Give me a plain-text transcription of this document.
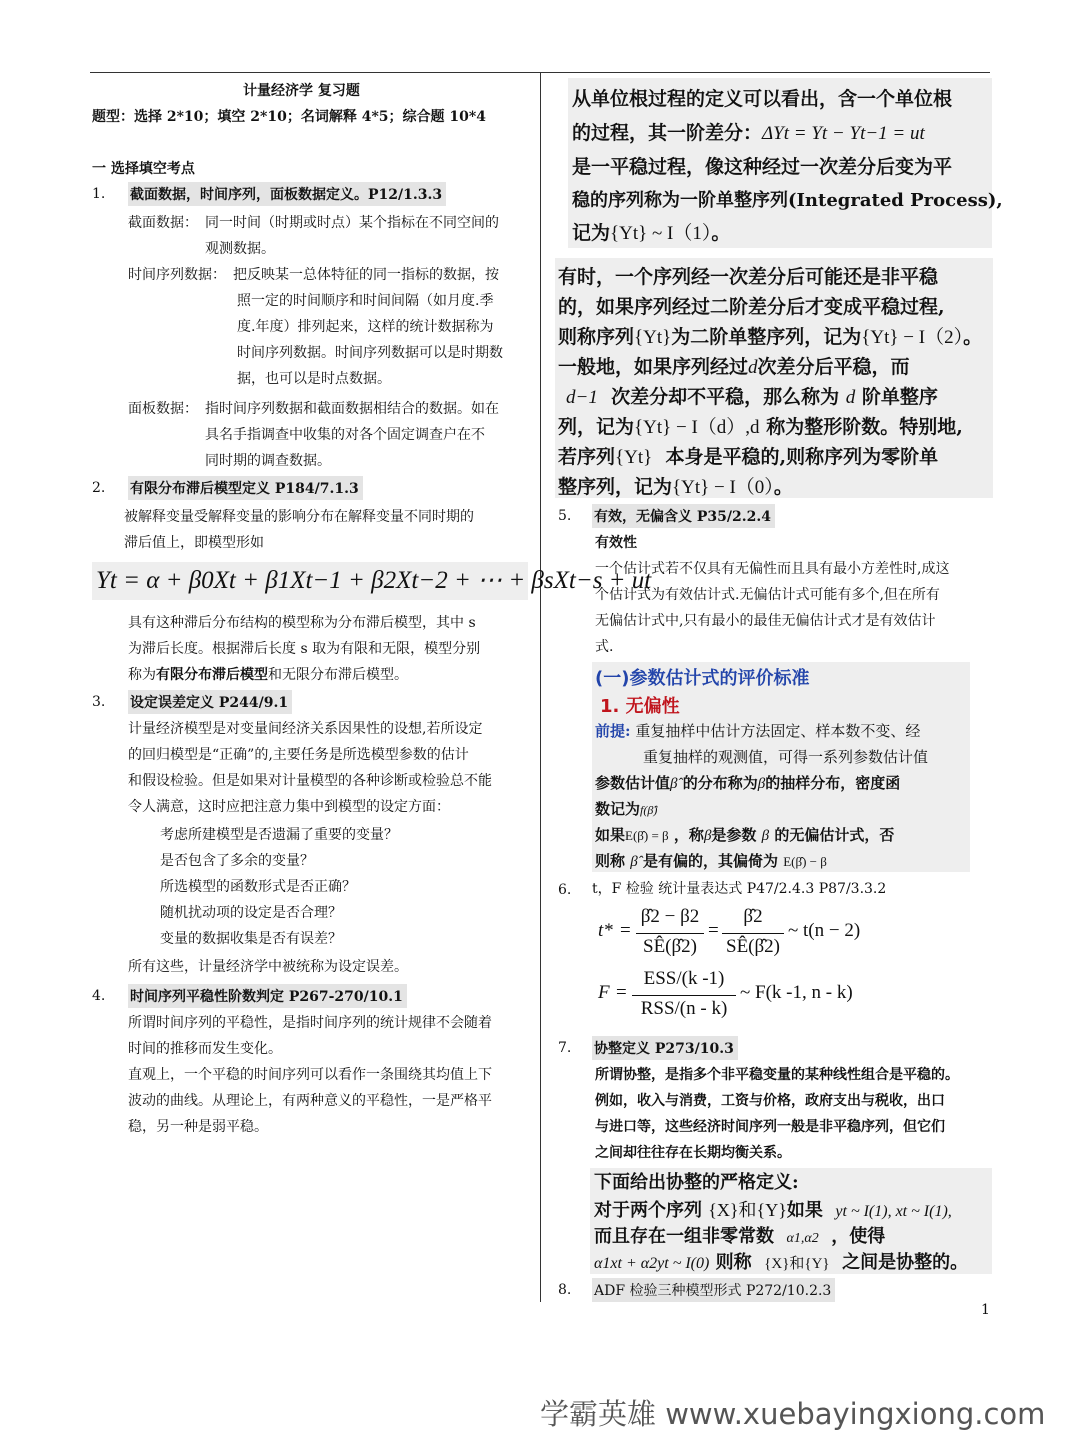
计量经济学 复习题
题型：选择 2*10；填空 2*10；名词解释 4*5；综合题 10*4
一 选择填空考点
1. 截面数据，时间序列，面板数据定义。P12/1.3.3
截面数据： 同一时间（时期或时点）某个指标在不同空间的
观测数据。
时间序列数据： 把反映某一总体特征的同一指标的数据，按
照一定的时间顺序和时间间隔（如月度.季
度.年度）排列起来，这样的统计数据称为
时间序列数据。时间序列数据可以是时期数
据，也可以是时点数据。
面板数据： 指时间序列数据和截面数据相结合的数据。如在
具名手指调查中收集的对各个固定调查户在不
同时期的调查数据。
2. 有限分布滞后模型定义 P184/7.1.3
被解释变量受解释变量的影响分布在解释变量不同时期的
滞后值上，即模型形如
Yt = α + β0Xt + β1Xt−1 + β2Xt−2 + ⋯ + βsXt−s + ut
具有这种滞后分布结构的模型称为分布滞后模型，其中 s
为滞后长度。根据滞后长度 s 取为有限和无限，模型分别
称为有限分布滞后模型和无限分布滞后模型。
3. 设定误差定义 P244/9.1
计量经济模型是对变量间经济关系因果性的设想,若所设定
的回归模型是“正确”的,主要任务是所选模型参数的估计
和假设检验。但是如果对计量模型的各种诊断或检验总不能
令人满意，这时应把注意力集中到模型的设定方面：
考虑所建模型是否遗漏了重要的变量？
是否包含了多余的变量？
所选模型的函数形式是否正确？
随机扰动项的设定是否合理？
变量的数据收集是否有误差？
所有这些，计量经济学中被统称为设定误差。
4. 时间序列平稳性阶数判定 P267-270/10.1
所谓时间序列的平稳性，是指时间序列的统计规律不会随着
时间的推移而发生变化。
直观上，一个平稳的时间序列可以看作一条围绕其均值上下
波动的曲线。从理论上，有两种意义的平稳性，一是严格平
稳，另一种是弱平稳。
从单位根过程的定义可以看出，含一个单位根
的过程，其一阶差分：ΔYt = Yt − Yt−1 = ut
是一平稳过程，像这种经过一次差分后变为平
稳的序列称为一阶单整序列(Integrated Process),
记为{Yt} ~ I（1）。
有时，一个序列经一次差分后可能还是非平稳
的，如果序列经过二阶差分后才变成平稳过程,
则称序列{Yt}为二阶单整序列，记为{Yt} − I（2）。
一般地，如果序列经过d次差分后平稳，而
d−1 次差分却不平稳，那么称为 d 阶单整序
列，记为{Yt} − I（d）,d 称为整形阶数。特别地,
若序列{Yt} 本身是平稳的,则称序列为零阶单
整序列，记为{Yt} − I（0）。
5. 有效，无偏含义 P35/2.2.4
有效性
一个估计式若不仅具有无偏性而且具有最小方差性时,成这
个估计式为有效估计式.无偏估计式可能有多个,但在所有
无偏估计式中,只有最小的最佳无偏估计式才是有效估计
式.
(一)参数估计式的评价标准
1. 无偏性
前提: 重复抽样中估计方法固定、样本数不变、经
重复抽样的观测值，可得一系列参数估计值
参数估计值β̂ 的分布称为β̂的抽样分布，密度函
数记为f(β̂)
如果E(β̂) = β ，称β̂是参数 β 的无偏估计式，否
则称 β̂ 是有偏的，其偏倚为 E(β̂) − β
6. t，F 检验 统计量表达式 P47/2.4.3 P87/3.3.2
t* =
β̂2 − β2
SÊ(β̂2)
=
β̂2
SÊ(β̂2)
~ t(n − 2)
F =
ESS/(k -1)
RSS/(n - k)
~ F(k -1, n - k)
7. 协整定义 P273/10.3
所谓协整，是指多个非平稳变量的某种线性组合是平稳的。
例如，收入与消费，工资与价格，政府支出与税收，出口
与进口等，这些经济时间序列一般是非平稳序列，但它们
之间却往往存在长期均衡关系。
下面给出协整的严格定义:
对于两个序列 {X}和{Y}如果 yt ~ I(1), xt ~ I(1),
而且存在一组非零常数 α1,α2 ，使得
α1xt + α2yt ~ I(0) 则称 {X}和{Y} 之间是协整的。
8. ADF 检验三种模型形式 P272/10.2.3
1
学霸英雄 www.xuebayingxiong.com
